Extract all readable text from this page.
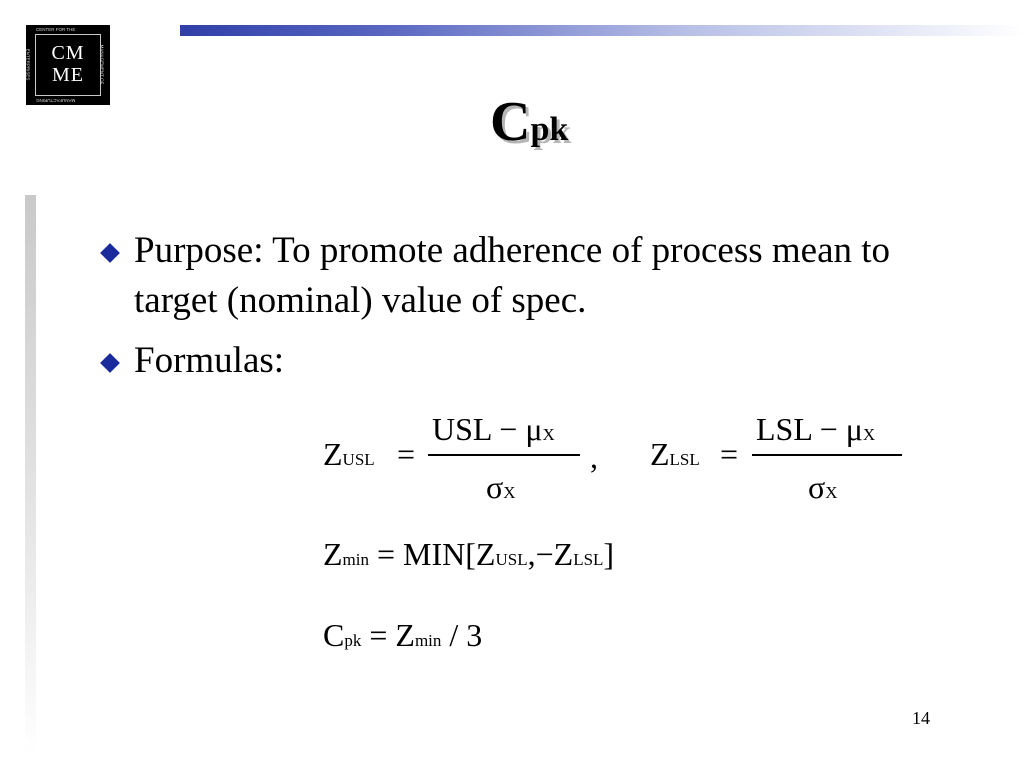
CENTER FOR THE
ENTERPRISES	MANAGEMENT OF
MANUFACTURING
CM
ME
Cpk
Purpose: To promote adherence of process mean to target (nominal) value of spec.
Formulas:
ZUSL =
USL − μX
σX
, ZLSL =
LSL − μX
σX
Zmin = MIN[ZUSL,−ZLSL]
Cpk = Zmin / 3
14
